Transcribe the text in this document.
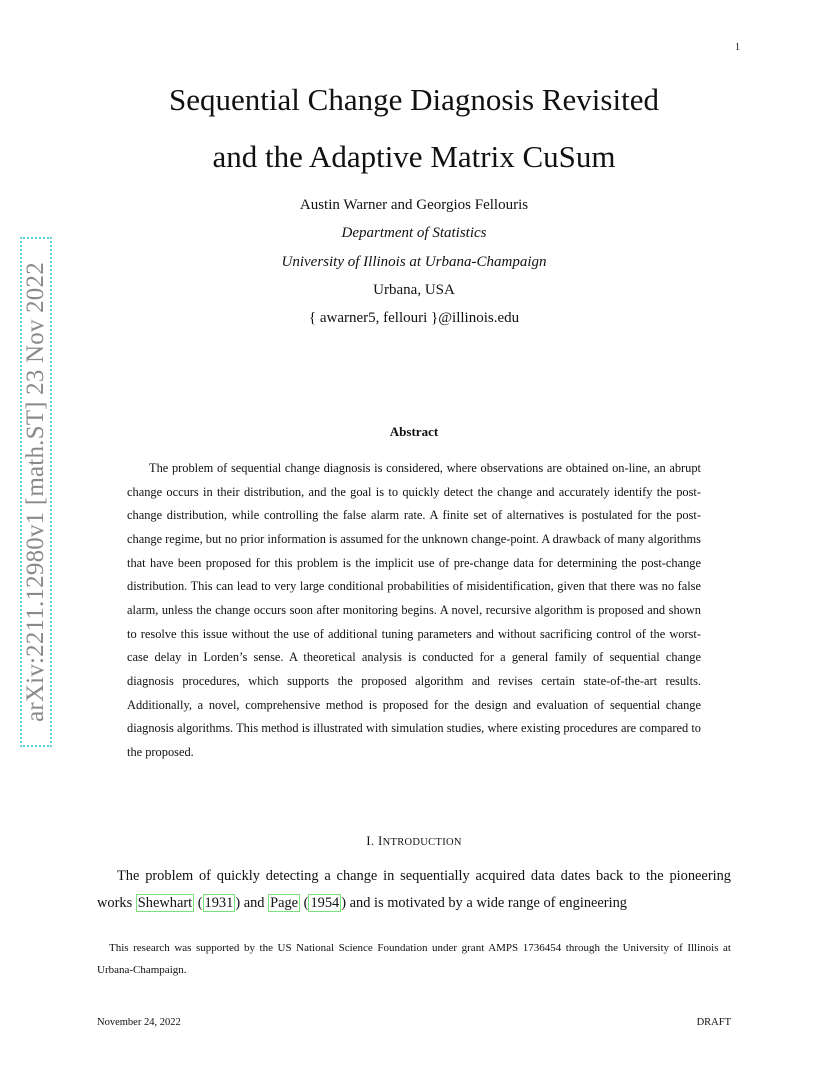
1
arXiv:2211.12980v1 [math.ST] 23 Nov 2022
Sequential Change Diagnosis Revisited
and the Adaptive Matrix CuSum
Austin Warner and Georgios Fellouris
Department of Statistics
University of Illinois at Urbana-Champaign
Urbana, USA
{ awarner5, fellouri }@illinois.edu
Abstract

The problem of sequential change diagnosis is considered, where observations are obtained on-line, an abrupt change occurs in their distribution, and the goal is to quickly detect the change and accurately identify the post-change distribution, while controlling the false alarm rate. A finite set of alternatives is postulated for the post-change regime, but no prior information is assumed for the unknown change-point. A drawback of many algorithms that have been proposed for this problem is the implicit use of pre-change data for determining the post-change distribution. This can lead to very large conditional probabilities of misidentification, given that there was no false alarm, unless the change occurs soon after monitoring begins. A novel, recursive algorithm is proposed and shown to resolve this issue without the use of additional tuning parameters and without sacrificing control of the worst-case delay in Lorden’s sense. A theoretical analysis is conducted for a general family of sequential change diagnosis procedures, which supports the proposed algorithm and revises certain state-of-the-art results. Additionally, a novel, comprehensive method is proposed for the design and evaluation of sequential change diagnosis algorithms. This method is illustrated with simulation studies, where existing procedures are compared to the proposed.

I. INTRODUCTION

The problem of quickly detecting a change in sequentially acquired data dates back to the pioneering works Shewhart ( 1931 ) and Page ( 1954 ) and is motivated by a wide range of engineering

This research was supported by the US National Science Foundation under grant AMPS 1736454 through the University of Illinois at Urbana-Champaign.

November 24, 2022	DRAFT
